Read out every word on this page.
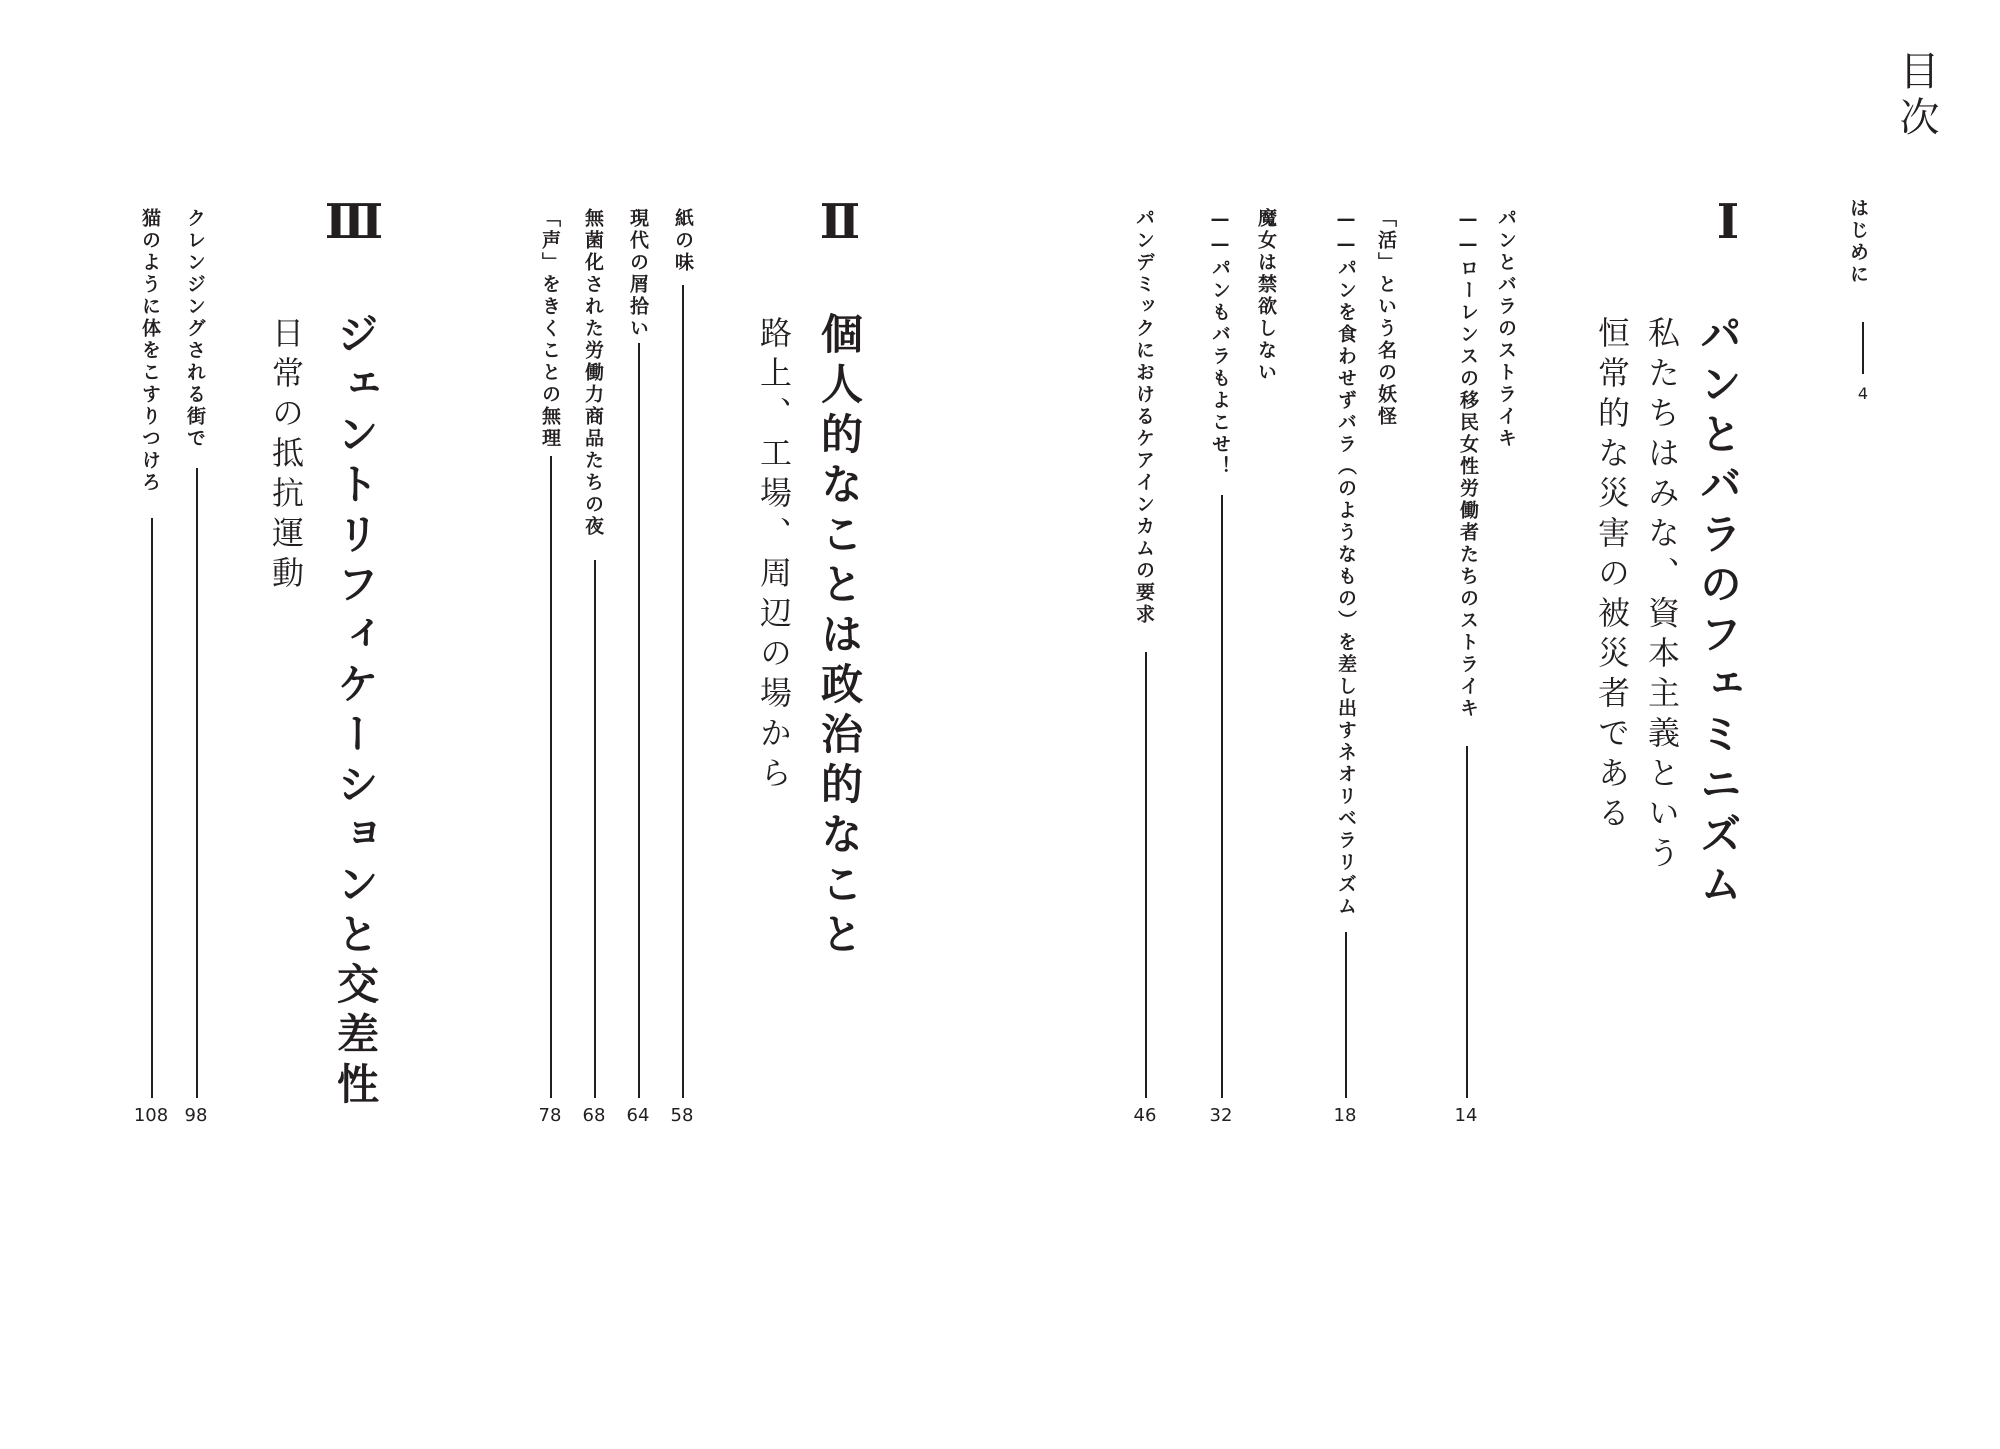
目次
はじめに
4
Ⅰ
パンとバラのフェミニズム
私たちはみな、資本主義という
恒常的な災害の被災者である
パンとバラのストライキ
——ローレンスの移民女性労働者たちのストライキ
14
「活」という名の妖怪
——パンを食わせずバラ（のようなもの）を差し出すネオリベラリズム
18
魔女は禁欲しない
——パンもバラもよこせ！
32
パンデミックにおけるケアインカムの要求
46
Ⅱ
個人的なことは政治的なこと
路上、工場、周辺の場から
紙の味
58
現代の屑拾い
64
無菌化された労働力商品たちの夜
68
「声」をきくことの無理
78
Ⅲ
ジェントリフィケーションと交差性
日常の抵抗運動
クレンジングされる街で
98
猫のように体をこすりつけろ
108
